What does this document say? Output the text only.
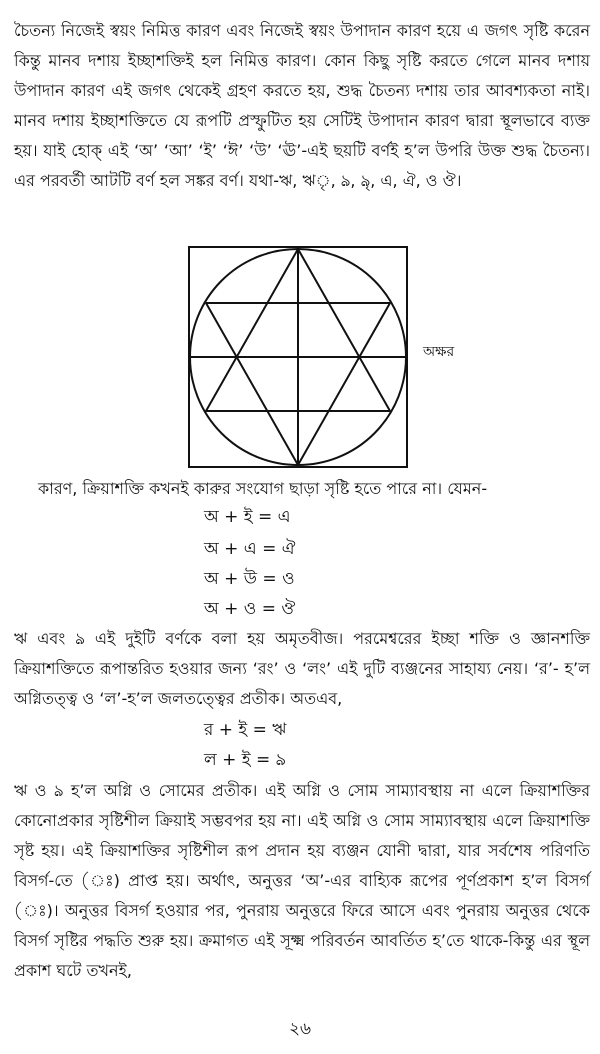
চৈতন্য নিজেই স্বয়ং নিমিত্ত কারণ এবং নিজেই স্বয়ং উপাদান কারণ হয়ে এ জগৎ সৃষ্টি করেন কিন্তু মানব দশায় ইচ্ছাশক্তিই হল নিমিত্ত কারণ। কোন কিছু সৃষ্টি করতে গেলে মানব দশায় উপাদান কারণ এই জগৎ থেকেই গ্রহণ করতে হয়, শুদ্ধ চৈতন্য দশায় তার আবশ্যকতা নাই। মানব দশায় ইচ্ছাশক্তিতে যে রূপটি প্রস্ফুটিত হয় সেটিই উপাদান কারণ দ্বারা স্থূলভাবে ব্যক্ত হয়। যাই হোক্ এই ‘অ’ ‘আ’ ‘ই’ ‘ঈ’ ‘উ’ ‘ঊ’-এই ছয়টি বর্ণই হ’ল উপরি উক্ত শুদ্ধ চৈতন্য। এর পরবর্তী আটটি বর্ণ হল সঙ্কর বর্ণ। যথা-ঋ, ঋৃ, ঌ, ঌৃ, এ, ঐ, ও ঔ।

অক্ষর

কারণ, ক্রিয়াশক্তি কখনই কারুর সংযোগ ছাড়া সৃষ্টি হতে পারে না। যেমন-

অ + ই = এ
অ + এ = ঐ
অ + উ = ও
অ + ও = ঔ

ঋ এবং ঌ এই দুইটি বর্ণকে বলা হয় অমৃতবীজ। পরমেশ্বরের ইচ্ছা শক্তি ও জ্ঞানশক্তি ক্রিয়াশক্তিতে রূপান্তরিত হওয়ার জন্য ‘রং’ ও ‘লং’ এই দুটি ব্যঞ্জনের সাহায্য নেয়। ‘র’- হ’ল অগ্নিতত্ত্ব ও ‘ল’-হ’ল জলতত্ত্বের প্রতীক। অতএব,

র + ই = ঋ
ল + ই = ঌ

ঋ ও ঌ হ’ল অগ্নি ও সোমের প্রতীক। এই অগ্নি ও সোম সাম্যাবস্থায় না এলে ক্রিয়াশক্তির কোনোপ্রকার সৃষ্টিশীল ক্রিয়াই সম্ভবপর হয় না। এই অগ্নি ও সোম সাম্যাবস্থায় এলে ক্রিয়াশক্তি সৃষ্ট হয়। এই ক্রিয়াশক্তির সৃষ্টিশীল রূপ প্রদান হয় ব্যঞ্জন যোনী দ্বারা, যার সর্বশেষ পরিণতি বিসর্গ-তে (ঃ) প্রাপ্ত হয়। অর্থাৎ, অনুত্তর ‘অ’-এর বাহ্যিক রূপের পূর্ণপ্রকাশ হ’ল বিসর্গ (ঃ)। অনুত্তর বিসর্গ হওয়ার পর, পুনরায় অনুত্তরে ফিরে আসে এবং পুনরায় অনুত্তর থেকে বিসর্গ সৃষ্টির পদ্ধতি শুরু হয়। ক্রমাগত এই সূক্ষ্ম পরিবর্তন আবর্তিত হ’তে থাকে-কিন্তু এর স্থূল প্রকাশ ঘটে তখনই,

২৬
